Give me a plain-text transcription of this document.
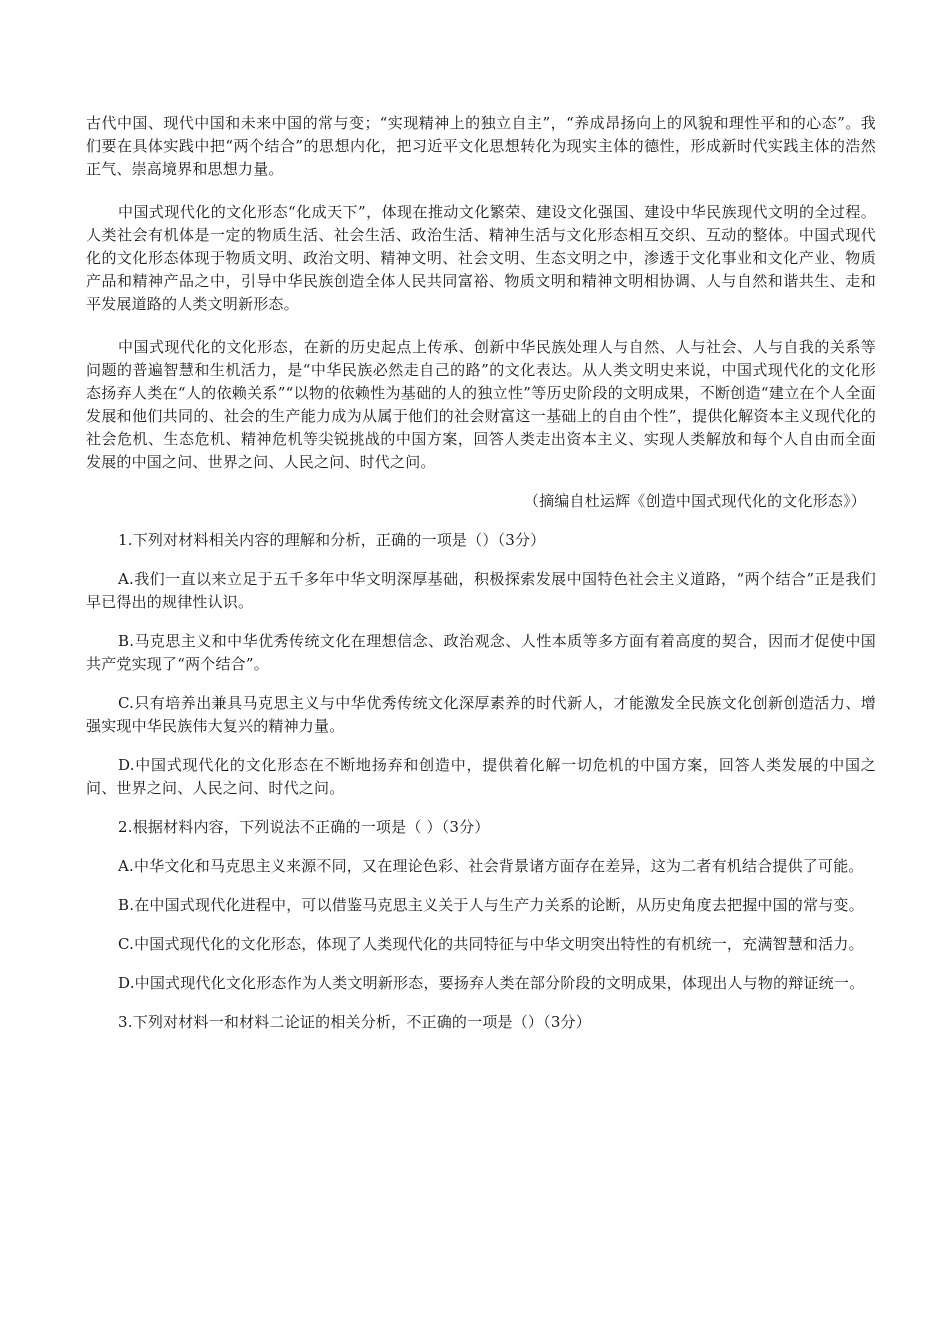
古代中国、现代中国和未来中国的常与变；“实现精神上的独立自主”，“养成昂扬向上的风貌和理性平和的心态”。我们要在具体实践中把“两个结合”的思想内化，把习近平文化思想转化为现实主体的德性，形成新时代实践主体的浩然正气、崇高境界和思想力量。

中国式现代化的文化形态“化成天下”，体现在推动文化繁荣、建设文化强国、建设中华民族现代文明的全过程。人类社会有机体是一定的物质生活、社会生活、政治生活、精神生活与文化形态相互交织、互动的整体。中国式现代化的文化形态体现于物质文明、政治文明、精神文明、社会文明、生态文明之中，渗透于文化事业和文化产业、物质产品和精神产品之中，引导中华民族创造全体人民共同富裕、物质文明和精神文明相协调、人与自然和谐共生、走和平发展道路的人类文明新形态。

中国式现代化的文化形态，在新的历史起点上传承、创新中华民族处理人与自然、人与社会、人与自我的关系等问题的普遍智慧和生机活力，是“中华民族必然走自己的路”的文化表达。从人类文明史来说，中国式现代化的文化形态扬弃人类在“人的依赖关系”“以物的依赖性为基础的人的独立性”等历史阶段的文明成果，不断创造“建立在个人全面发展和他们共同的、社会的生产能力成为从属于他们的社会财富这一基础上的自由个性”，提供化解资本主义现代化的社会危机、生态危机、精神危机等尖锐挑战的中国方案，回答人类走出资本主义、实现人类解放和每个人自由而全面发展的中国之问、世界之问、人民之问、时代之问。

（摘编自杜运辉《创造中国式现代化的文化形态》）

1.下列对材料相关内容的理解和分析，正确的一项是（）（3分）

A.我们一直以来立足于五千多年中华文明深厚基础，积极探索发展中国特色社会主义道路，“两个结合”正是我们早已得出的规律性认识。

B.马克思主义和中华优秀传统文化在理想信念、政治观念、人性本质等多方面有着高度的契合，因而才促使中国共产党实现了“两个结合”。

C.只有培养出兼具马克思主义与中华优秀传统文化深厚素养的时代新人，才能激发全民族文化创新创造活力、增强实现中华民族伟大复兴的精神力量。

D.中国式现代化的文化形态在不断地扬弃和创造中，提供着化解一切危机的中国方案，回答人类发展的中国之问、世界之问、人民之问、时代之问。

2.根据材料内容，下列说法不正确的一项是（ ）（3分）

A.中华文化和马克思主义来源不同，又在理论色彩、社会背景诸方面存在差异，这为二者有机结合提供了可能。

B.在中国式现代化进程中，可以借鉴马克思主义关于人与生产力关系的论断，从历史角度去把握中国的常与变。

C.中国式现代化的文化形态，体现了人类现代化的共同特征与中华文明突出特性的有机统一，充满智慧和活力。

D.中国式现代化文化形态作为人类文明新形态，要扬弃人类在部分阶段的文明成果，体现出人与物的辩证统一。

3.下列对材料一和材料二论证的相关分析，不正确的一项是（）（3分）
